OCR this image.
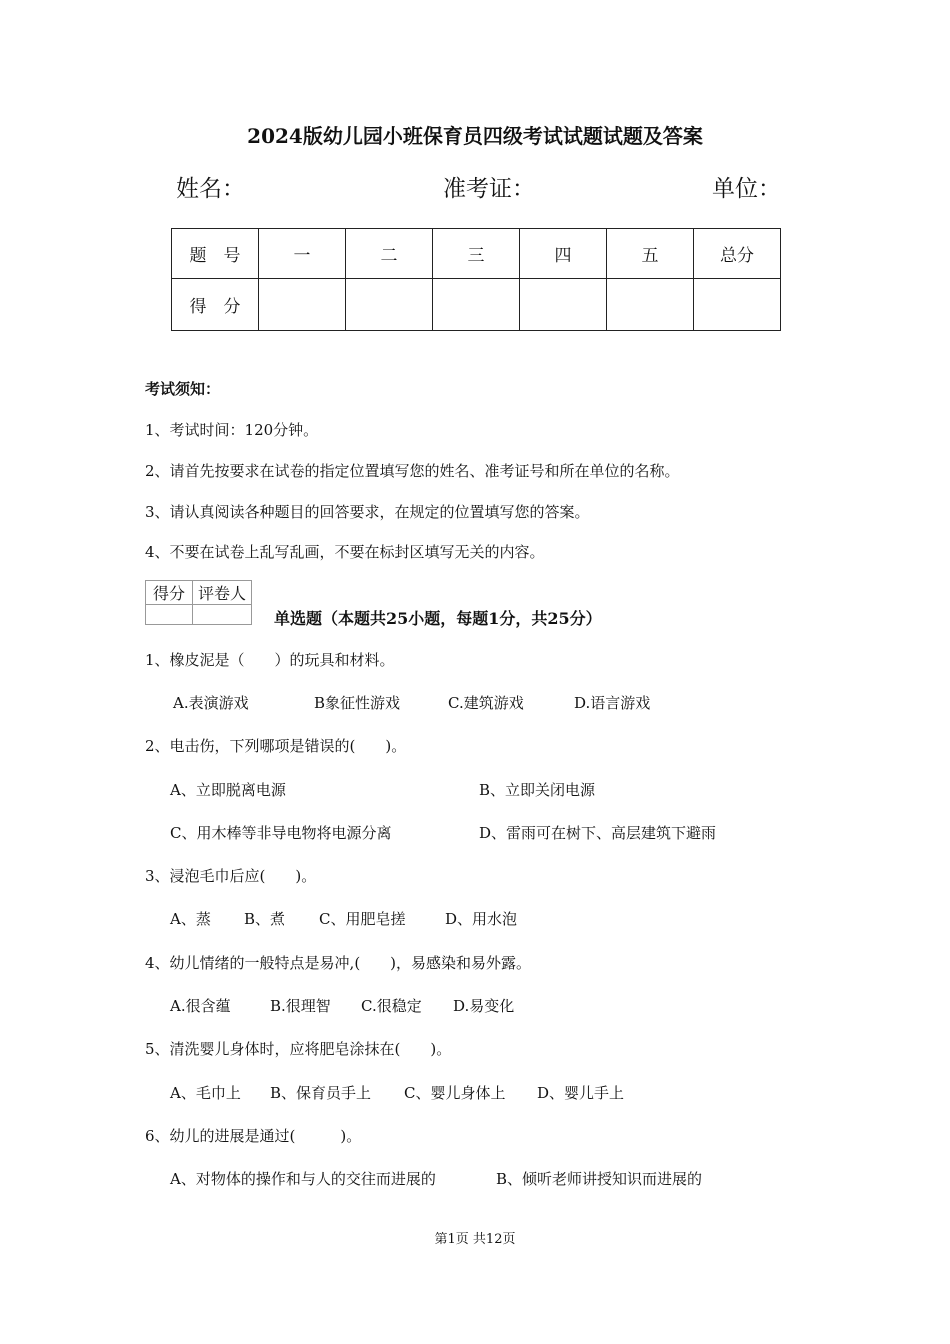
2024版幼儿园小班保育员四级考试试题试题及答案
姓名：	准考证：	单位：
题　号	一	二	三	四	五	总分
得　分						
考试须知：
1、考试时间：120分钟。
2、请首先按要求在试卷的指定位置填写您的姓名、准考证号和所在单位的名称。
3、请认真阅读各种题目的回答要求，在规定的位置填写您的答案。
4、不要在试卷上乱写乱画，不要在标封区填写无关的内容。
得分	评卷人

单选题（本题共25小题，每题1分，共25分）
1、橡皮泥是（　　）的玩具和材料。
A.表演游戏	B象征性游戏	C.建筑游戏	D.语言游戏
2、电击伤，下列哪项是错误的(　　)。
A、立即脱离电源	B、立即关闭电源
C、用木棒等非导电物将电源分离	D、雷雨可在树下、高层建筑下避雨
3、浸泡毛巾后应(　　)。
A、蒸 B、煮 C、用肥皂搓	D、用水泡
4、幼儿情绪的一般特点是易冲,(　　)，易感染和易外露。
A.很含蕴	B.很理智 C.很稳定 D.易变化
5、清洗婴儿身体时，应将肥皂涂抹在(　　)。
A、毛巾上 B、保育员手上 C、婴儿身体上 D、婴儿手上
6、幼儿的进展是通过(　　　)。
A、对物体的操作和与人的交往而进展的	B、倾听老师讲授知识而进展的
第1页 共12页
